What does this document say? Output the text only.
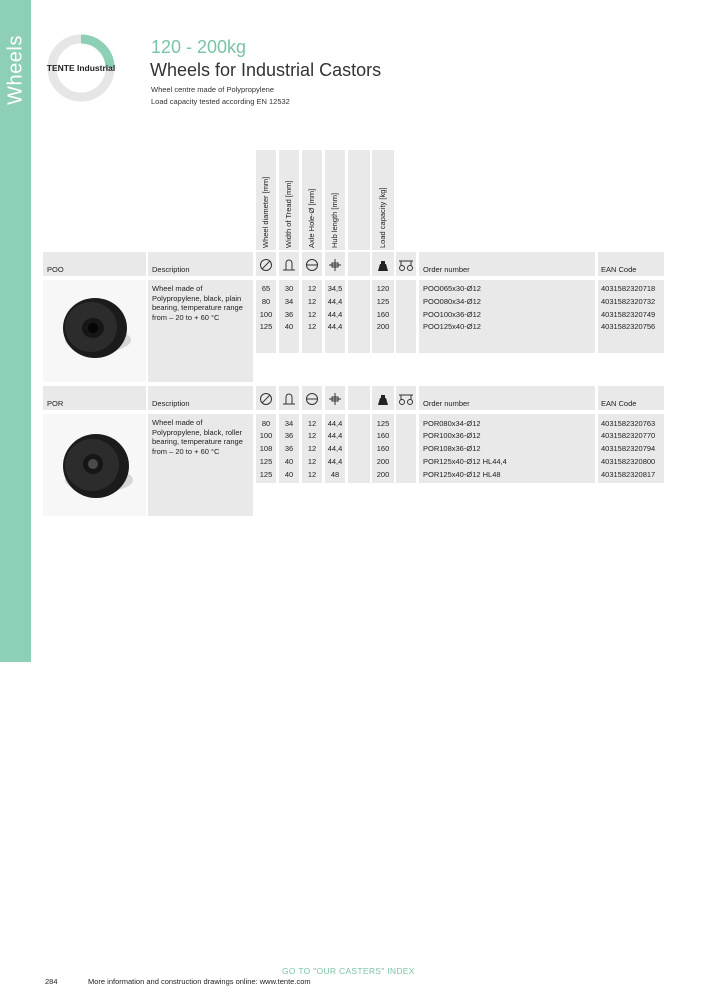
Wheels	TENTE Industrial
120 - 200kg
Wheels for Industrial Castors
Wheel centre made of Polypropylene
Load capacity tested according EN 12532
Wheel diameter [mm] Width of Tread [mm] Axle Hole-Ø [mm] Hub length [mm]	Load capacity [kg]
POO	Description	Order number	EAN Code
Wheel made of Polypropylene, black, plain bearing, temperature range from – 20 to + 60 °C
65	30	12	34,5	120	POO065x30-Ø12	4031582320718
80	34	12	44,4	125	POO080x34-Ø12	4031582320732
100	36	12	44,4	160	POO100x36-Ø12	4031582320749
125	40	12	44,4	200	POO125x40-Ø12	4031582320756
POR	Description	Order number	EAN Code
Wheel made of Polypropylene, black, roller bearing, temperature range from – 20 to + 60 °C
80	34	12	44,4	125	POR080x34-Ø12	4031582320763
100	36	12	44,4	160	POR100x36-Ø12	4031582320770
108	36	12	44,4	160	POR108x36-Ø12	4031582320794
125	40	12	44,4	200	POR125x40-Ø12 HL44,4	4031582320800
125	40	12	48	200	POR125x40-Ø12 HL48	4031582320817
GO TO "OUR CASTERS" INDEX
284	More information and construction drawings online: www.tente.com
